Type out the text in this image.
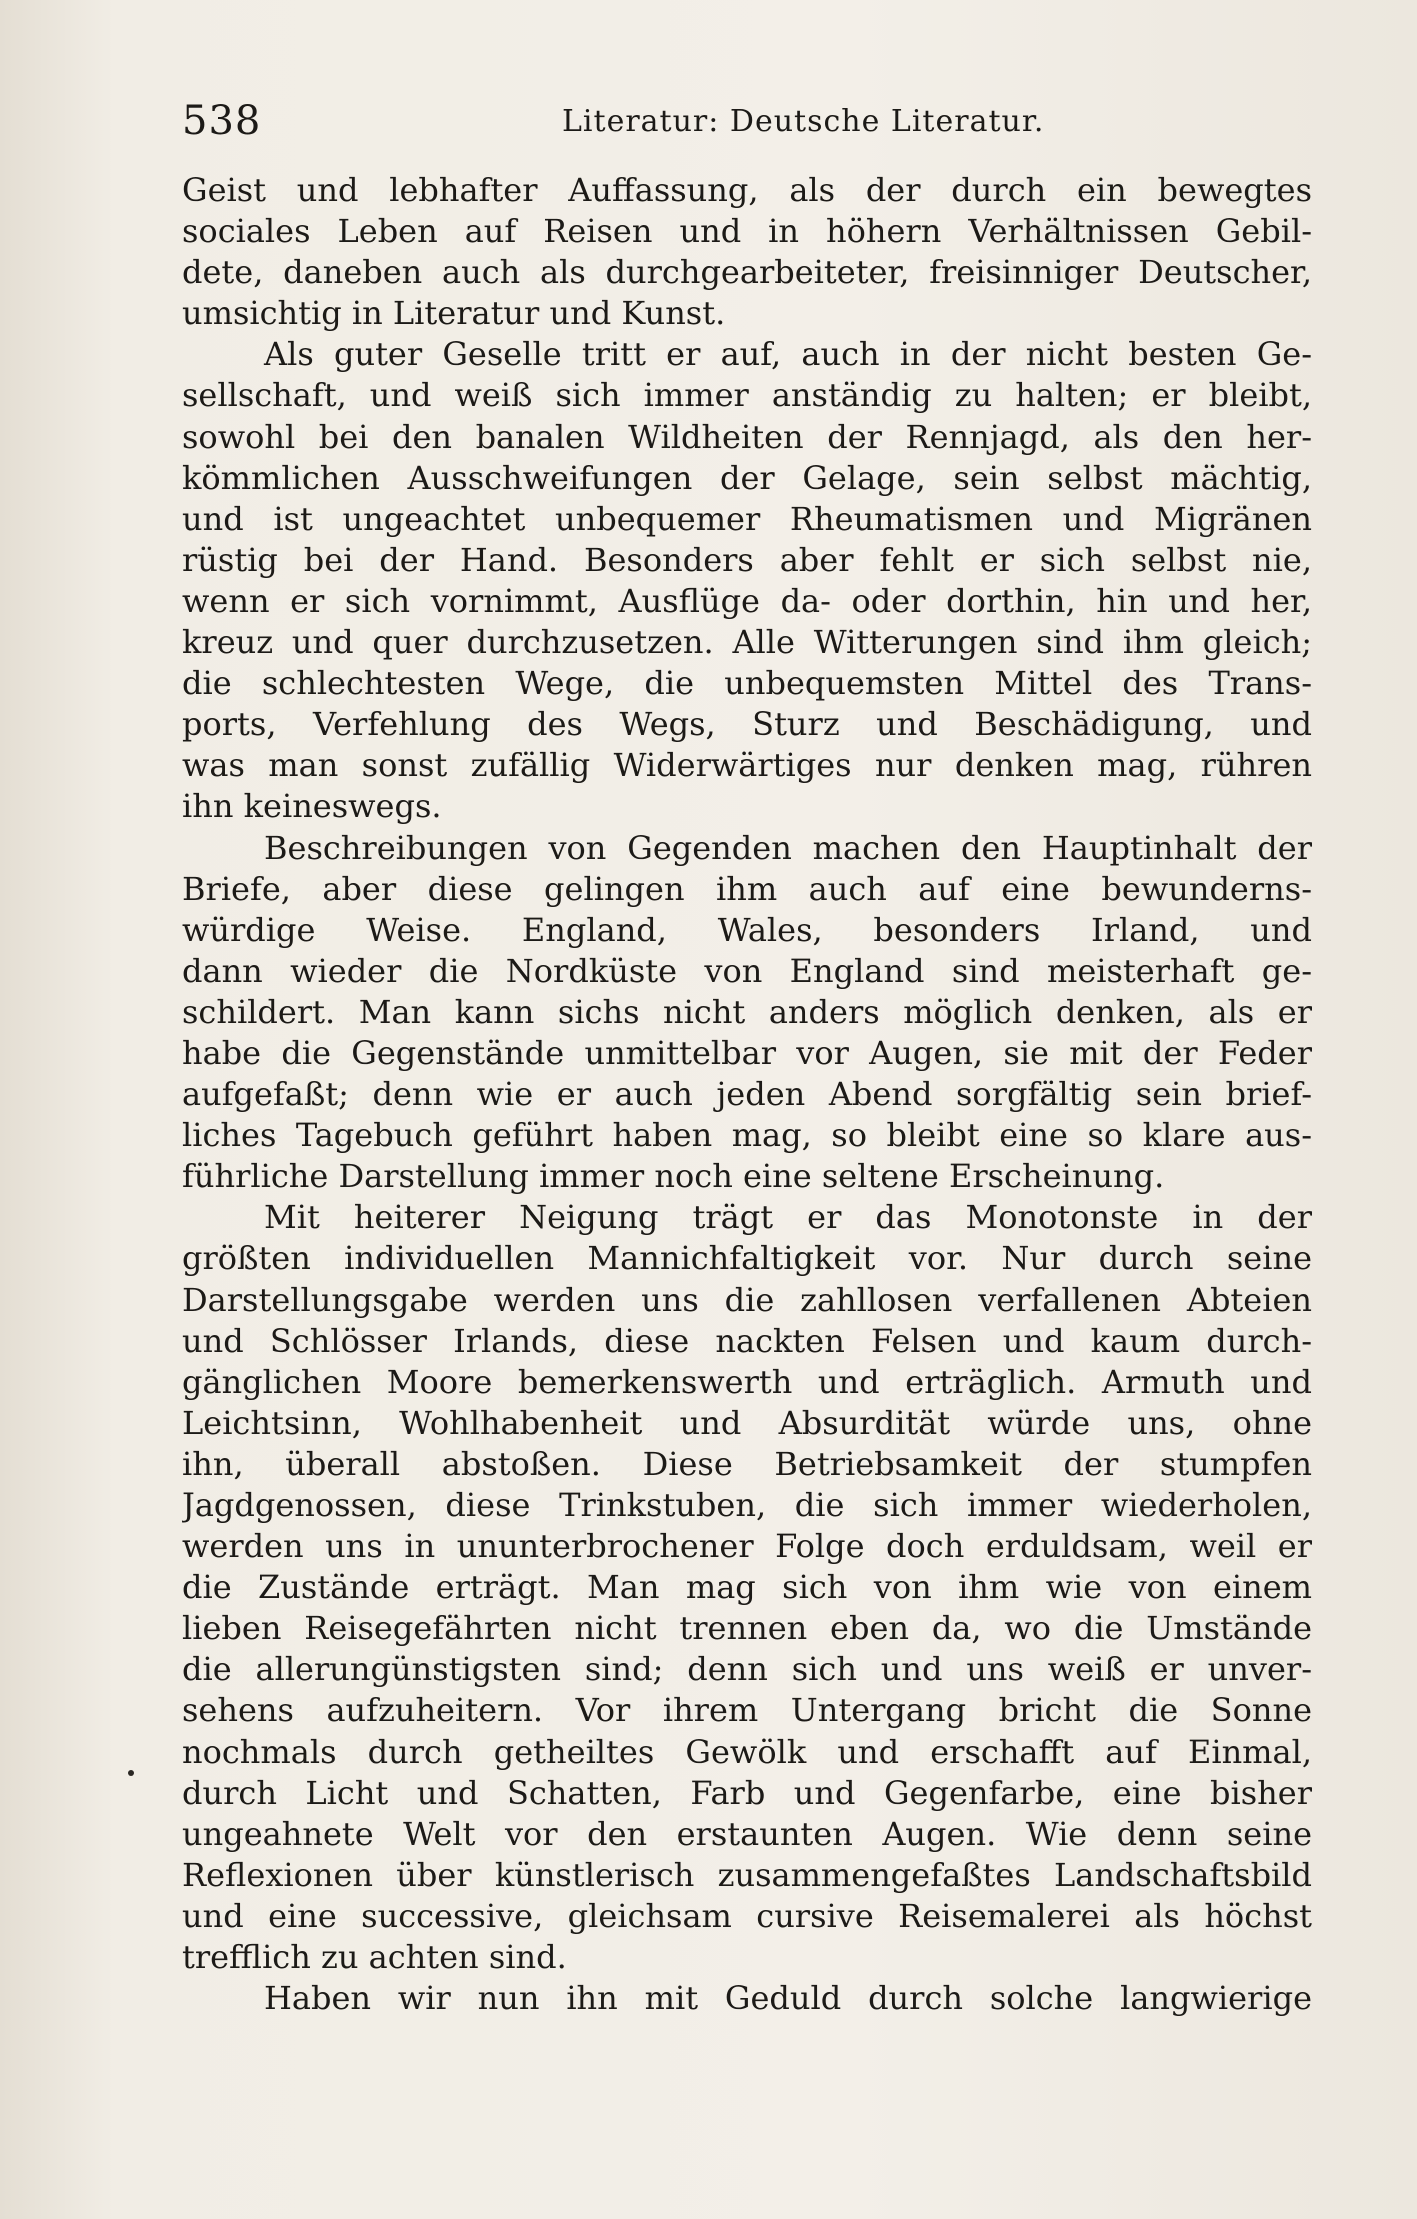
538	Literatur: Deutsche Literatur.
Geist und lebhafter Auffassung, als der durch ein bewegtes
sociales Leben auf Reisen und in höhern Verhältnissen Gebil-
dete, daneben auch als durchgearbeiteter, freisinniger Deutscher,
umsichtig in Literatur und Kunst.
Als guter Geselle tritt er auf, auch in der nicht besten Ge-
sellschaft, und weiß sich immer anständig zu halten; er bleibt,
sowohl bei den banalen Wildheiten der Rennjagd, als den her-
kömmlichen Ausschweifungen der Gelage, sein selbst mächtig,
und ist ungeachtet unbequemer Rheumatismen und Migränen
rüstig bei der Hand. Besonders aber fehlt er sich selbst nie,
wenn er sich vornimmt, Ausflüge da- oder dorthin, hin und her,
kreuz und quer durchzusetzen. Alle Witterungen sind ihm gleich;
die schlechtesten Wege, die unbequemsten Mittel des Trans-
ports, Verfehlung des Wegs, Sturz und Beschädigung, und
was man sonst zufällig Widerwärtiges nur denken mag, rühren
ihn keineswegs.
Beschreibungen von Gegenden machen den Hauptinhalt der
Briefe, aber diese gelingen ihm auch auf eine bewunderns-
würdige Weise. England, Wales, besonders Irland, und
dann wieder die Nordküste von England sind meisterhaft ge-
schildert. Man kann sichs nicht anders möglich denken, als er
habe die Gegenstände unmittelbar vor Augen, sie mit der Feder
aufgefaßt; denn wie er auch jeden Abend sorgfältig sein brief-
liches Tagebuch geführt haben mag, so bleibt eine so klare aus-
führliche Darstellung immer noch eine seltene Erscheinung.
Mit heiterer Neigung trägt er das Monotonste in der
größten individuellen Mannichfaltigkeit vor. Nur durch seine
Darstellungsgabe werden uns die zahllosen verfallenen Abteien
und Schlösser Irlands, diese nackten Felsen und kaum durch-
gänglichen Moore bemerkenswerth und erträglich. Armuth und
Leichtsinn, Wohlhabenheit und Absurdität würde uns, ohne
ihn, überall abstoßen. Diese Betriebsamkeit der stumpfen
Jagdgenossen, diese Trinkstuben, die sich immer wiederholen,
werden uns in ununterbrochener Folge doch erduldsam, weil er
die Zustände erträgt. Man mag sich von ihm wie von einem
lieben Reisegefährten nicht trennen eben da, wo die Umstände
die allerungünstigsten sind; denn sich und uns weiß er unver-
sehens aufzuheitern. Vor ihrem Untergang bricht die Sonne
nochmals durch getheiltes Gewölk und erschafft auf Einmal,
durch Licht und Schatten, Farb und Gegenfarbe, eine bisher
ungeahnete Welt vor den erstaunten Augen. Wie denn seine
Reflexionen über künstlerisch zusammengefaßtes Landschaftsbild
und eine successive, gleichsam cursive Reisemalerei als höchst
trefflich zu achten sind.
Haben wir nun ihn mit Geduld durch solche langwierige
